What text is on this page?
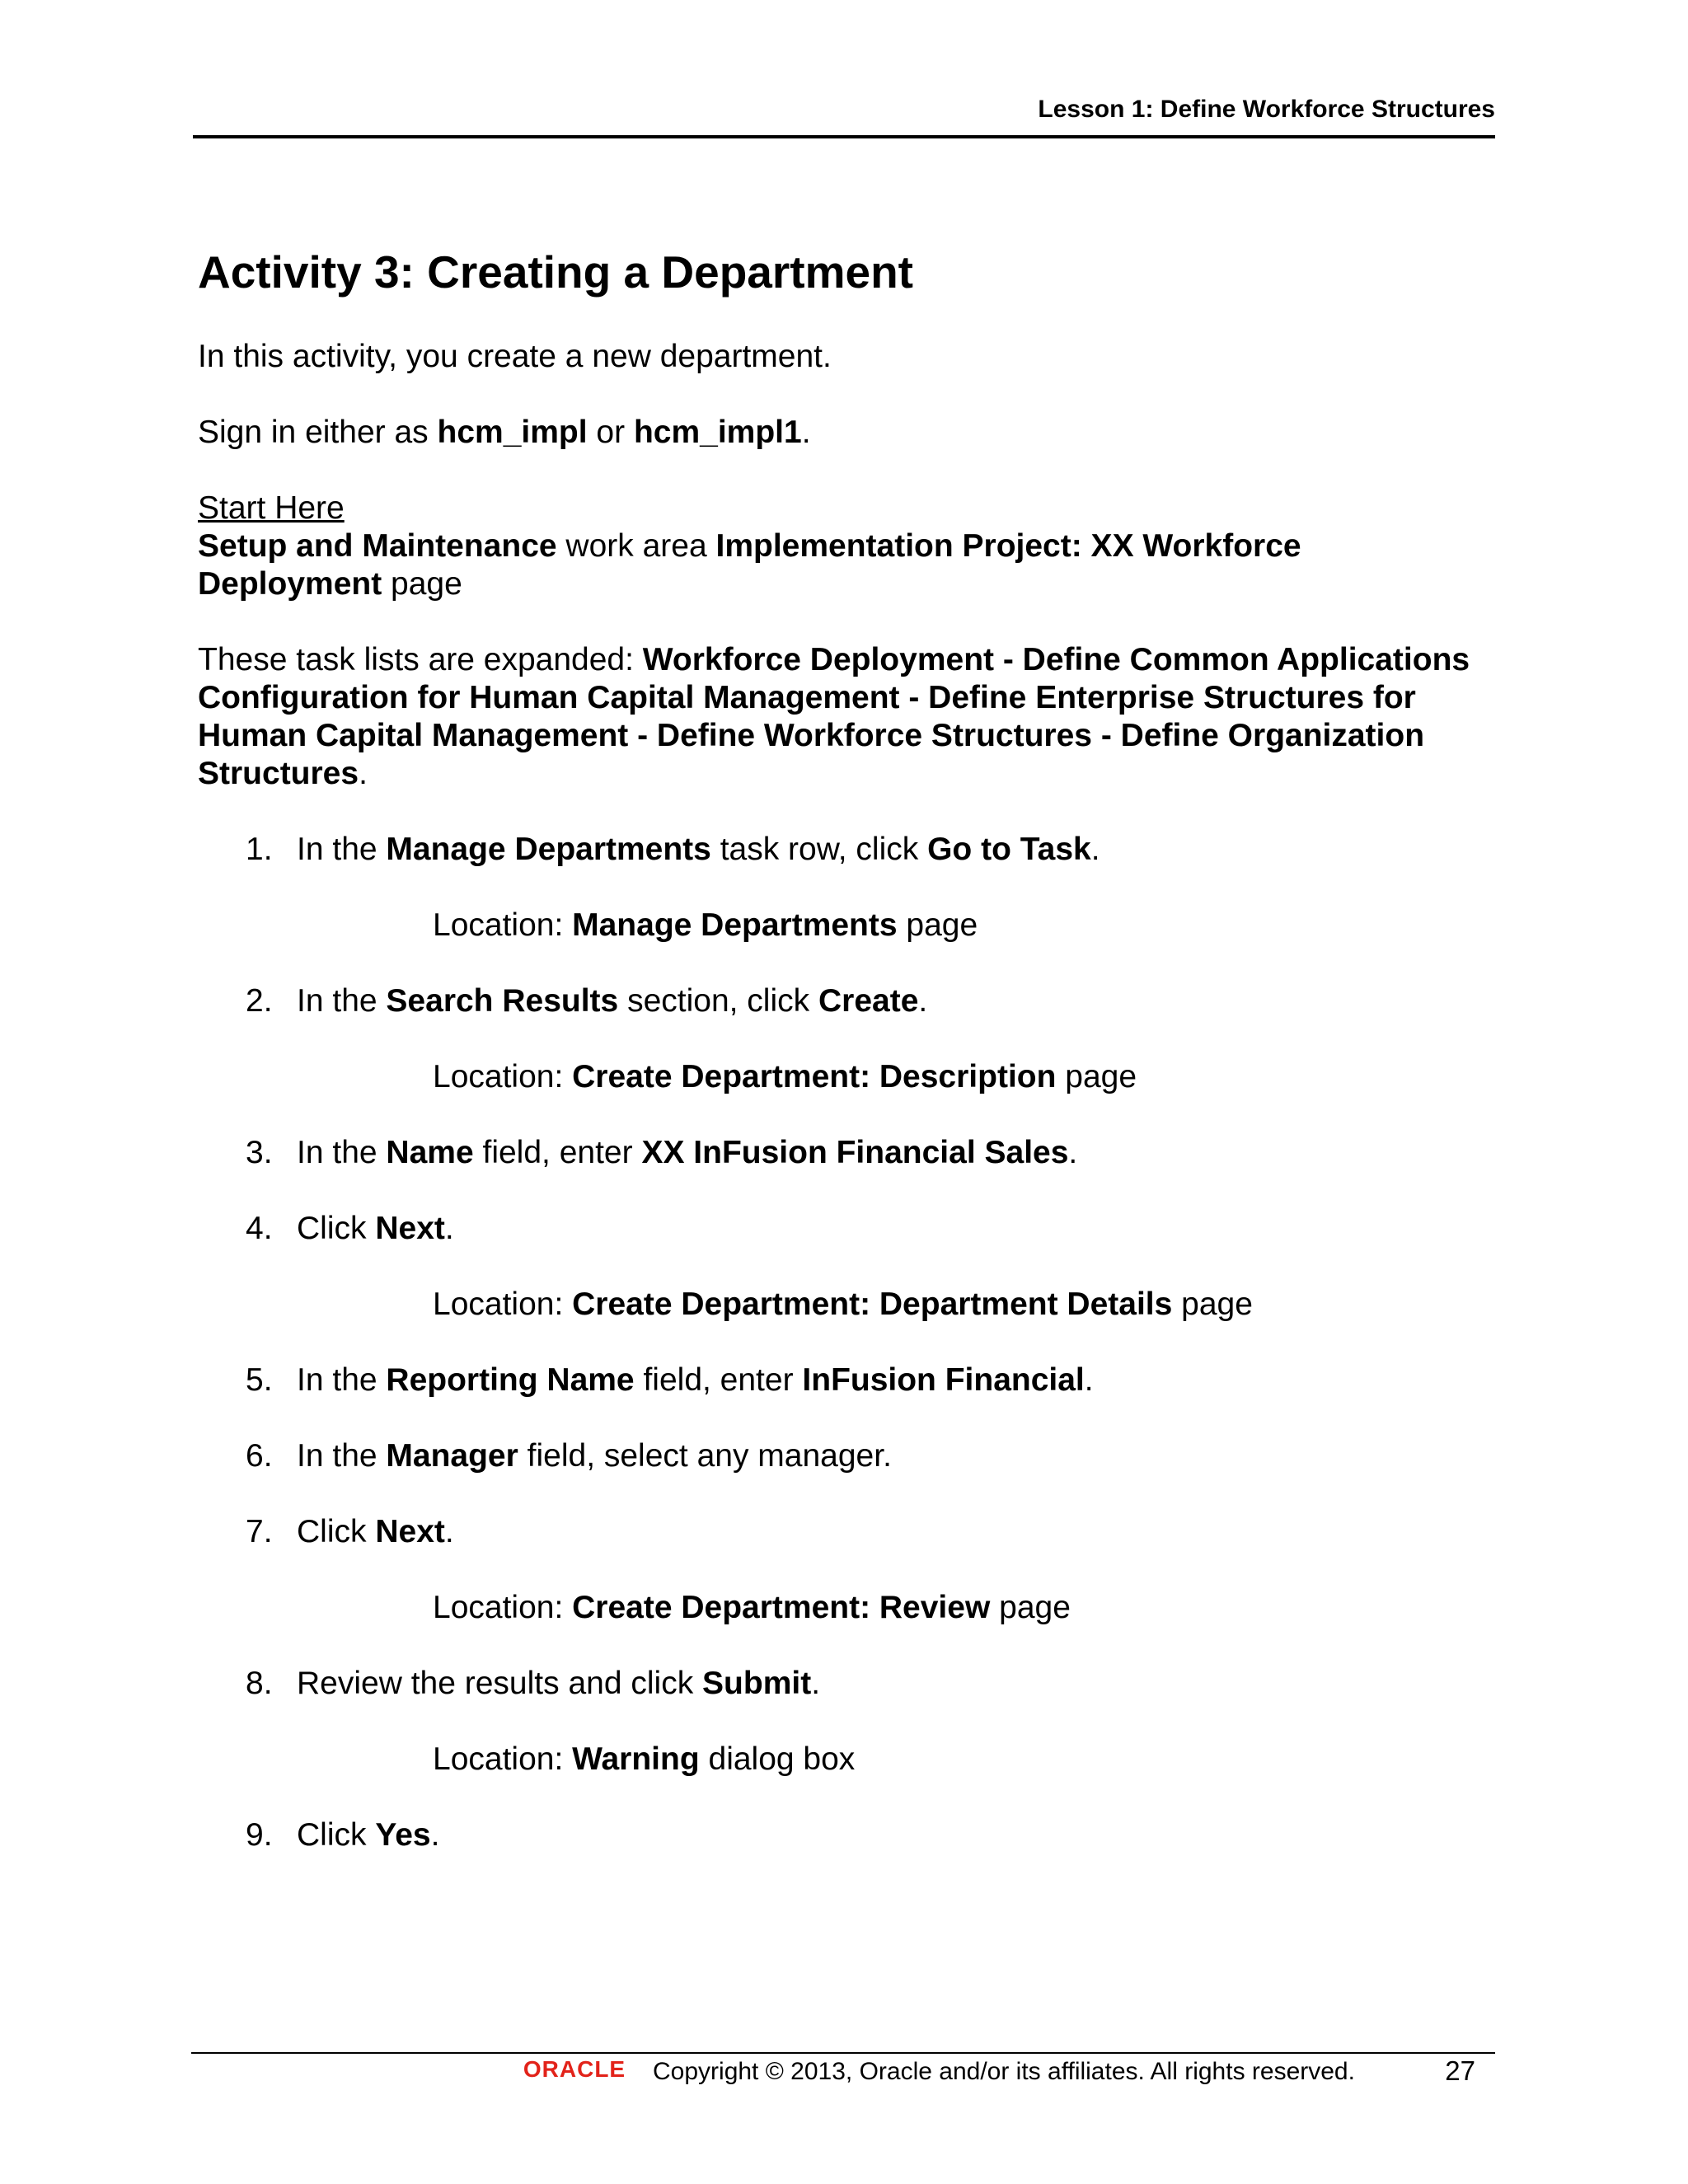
Lesson 1: Define Workforce Structures
Activity 3: Creating a Department

In this activity, you create a new department.

Sign in either as hcm_impl or hcm_impl1.

Start Here
Setup and Maintenance work area Implementation Project: XX Workforce Deployment page

These task lists are expanded: Workforce Deployment - Define Common Applications Configuration for Human Capital Management - Define Enterprise Structures for Human Capital Management - Define Workforce Structures - Define Organization Structures.

1. In the Manage Departments task row, click Go to Task.
Location: Manage Departments page
2. In the Search Results section, click Create.
Location: Create Department: Description page
3. In the Name field, enter XX InFusion Financial Sales.
4. Click Next.
Location: Create Department: Department Details page
5. In the Reporting Name field, enter InFusion Financial.
6. In the Manager field, select any manager.
7. Click Next.
Location: Create Department: Review page
8. Review the results and click Submit.
Location: Warning dialog box
9. Click Yes.
ORACLE Copyright © 2013, Oracle and/or its affiliates. All rights reserved.	27
